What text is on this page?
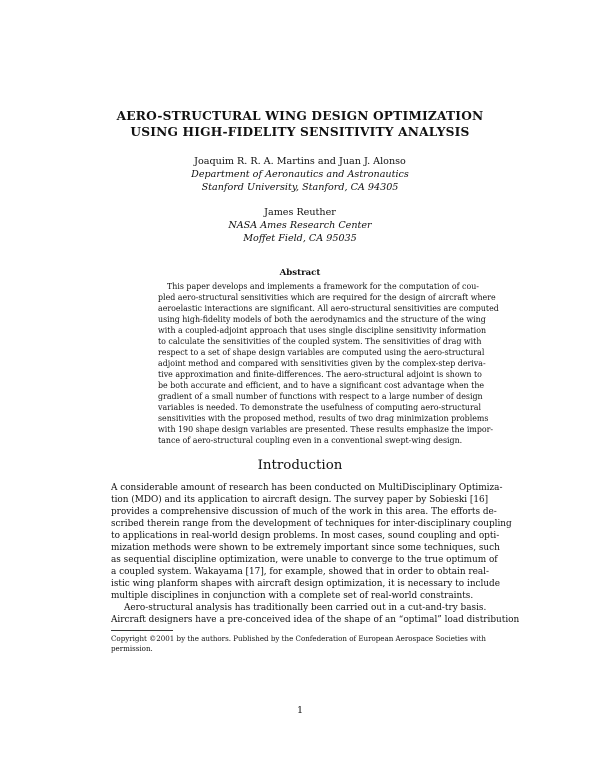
AERO-STRUCTURAL WING DESIGN OPTIMIZATION
USING HIGH-FIDELITY SENSITIVITY ANALYSIS
Joaquim R. R. A. Martins and Juan J. Alonso
Department of Aeronautics and Astronautics
Stanford University, Stanford, CA 94305
James Reuther
NASA Ames Research Center
Moffet Field, CA 95035
Abstract
This paper develops and implements a framework for the computation of cou-
pled aero-structural sensitivities which are required for the design of aircraft where
aeroelastic interactions are significant. All aero-structural sensitivities are computed
using high-fidelity models of both the aerodynamics and the structure of the wing
with a coupled-adjoint approach that uses single discipline sensitivity information
to calculate the sensitivities of the coupled system. The sensitivities of drag with
respect to a set of shape design variables are computed using the aero-structural
adjoint method and compared with sensitivities given by the complex-step deriva-
tive approximation and finite-differences. The aero-structural adjoint is shown to
be both accurate and efficient, and to have a significant cost advantage when the
gradient of a small number of functions with respect to a large number of design
variables is needed. To demonstrate the usefulness of computing aero-structural
sensitivities with the proposed method, results of two drag minimization problems
with 190 shape design variables are presented. These results emphasize the impor-
tance of aero-structural coupling even in a conventional swept-wing design.
Introduction
A considerable amount of research has been conducted on MultiDisciplinary Optimiza-
tion (MDO) and its application to aircraft design. The survey paper by Sobieski [16]
provides a comprehensive discussion of much of the work in this area. The efforts de-
scribed therein range from the development of techniques for inter-disciplinary coupling
to applications in real-world design problems. In most cases, sound coupling and opti-
mization methods were shown to be extremely important since some techniques, such
as sequential discipline optimization, were unable to converge to the true optimum of
a coupled system. Wakayama [17], for example, showed that in order to obtain real-
istic wing planform shapes with aircraft design optimization, it is necessary to include
multiple disciplines in conjunction with a complete set of real-world constraints.
Aero-structural analysis has traditionally been carried out in a cut-and-try basis.
Aircraft designers have a pre-conceived idea of the shape of an “optimal” load distribution
Copyright ©2001 by the authors. Published by the Confederation of European Aerospace Societies with
permission.
1
